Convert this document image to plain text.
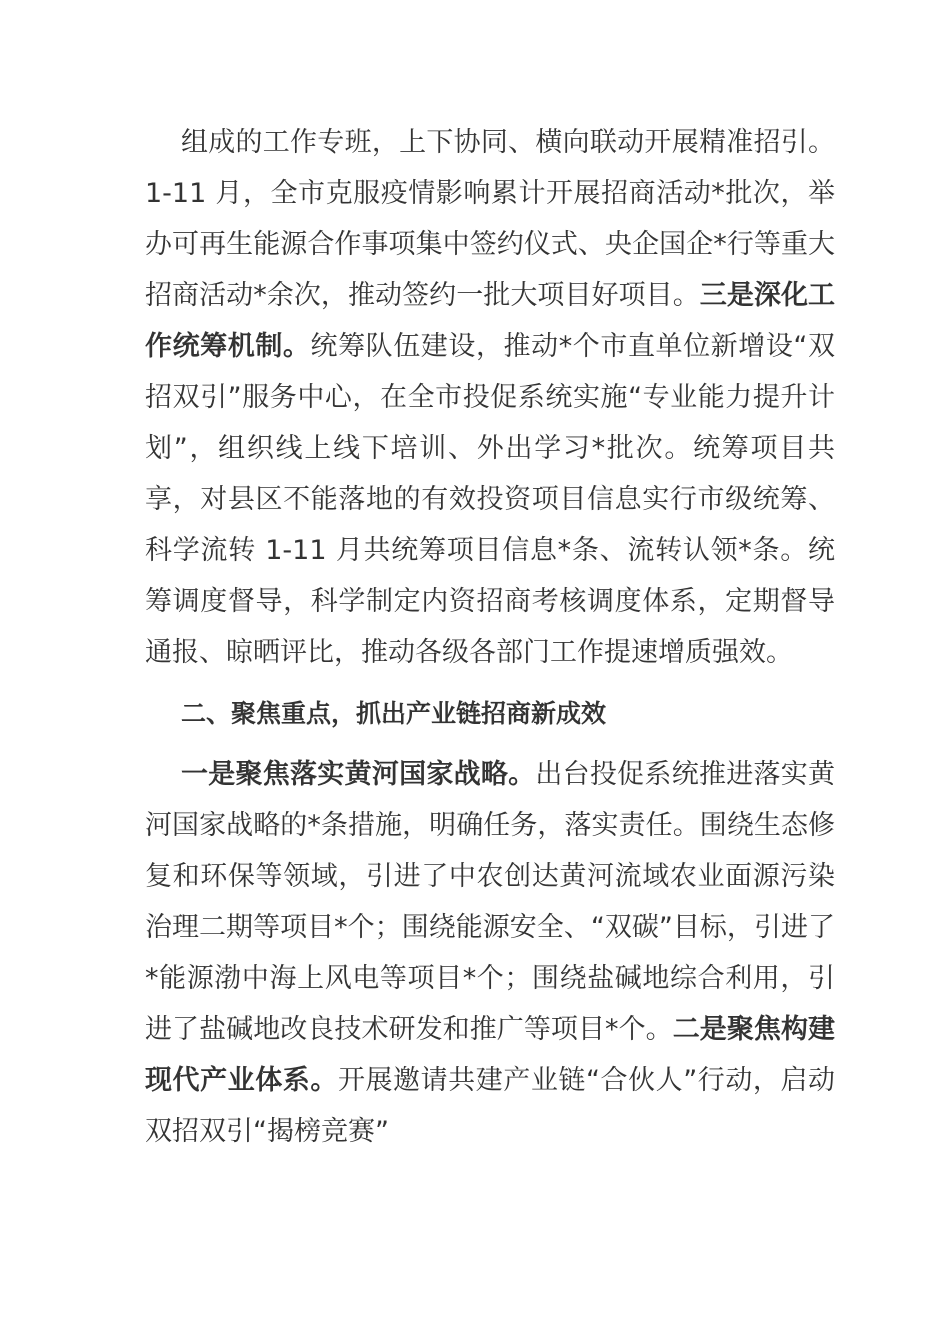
组成的工作专班，上下协同、横向联动开展精准招引。1-11 月，全市克服疫情影响累计开展招商活动*批次，举办可再生能源合作事项集中签约仪式、央企国企*行等重大招商活动*余次，推动签约一批大项目好项目。三是深化工作统筹机制。统筹队伍建设，推动*个市直单位新增设“双招双引”服务中心，在全市投促系统实施“专业能力提升计划”，组织线上线下培训、外出学习*批次。统筹项目共享，对县区不能落地的有效投资项目信息实行市级统筹、科学流转 1-11 月共统筹项目信息*条、流转认领*条。统筹调度督导，科学制定内资招商考核调度体系，定期督导通报、晾晒评比，推动各级各部门工作提速增质强效。

二、聚焦重点，抓出产业链招商新成效

一是聚焦落实黄河国家战略。出台投促系统推进落实黄河国家战略的*条措施，明确任务，落实责任。围绕生态修复和环保等领域，引进了中农创达黄河流域农业面源污染治理二期等项目*个；围绕能源安全、“双碳”目标，引进了*能源渤中海上风电等项目*个；围绕盐碱地综合利用，引进了盐碱地改良技术研发和推广等项目*个。二是聚焦构建现代产业体系。开展邀请共建产业链“合伙人”行动，启动双招双引“揭榜竞赛”
